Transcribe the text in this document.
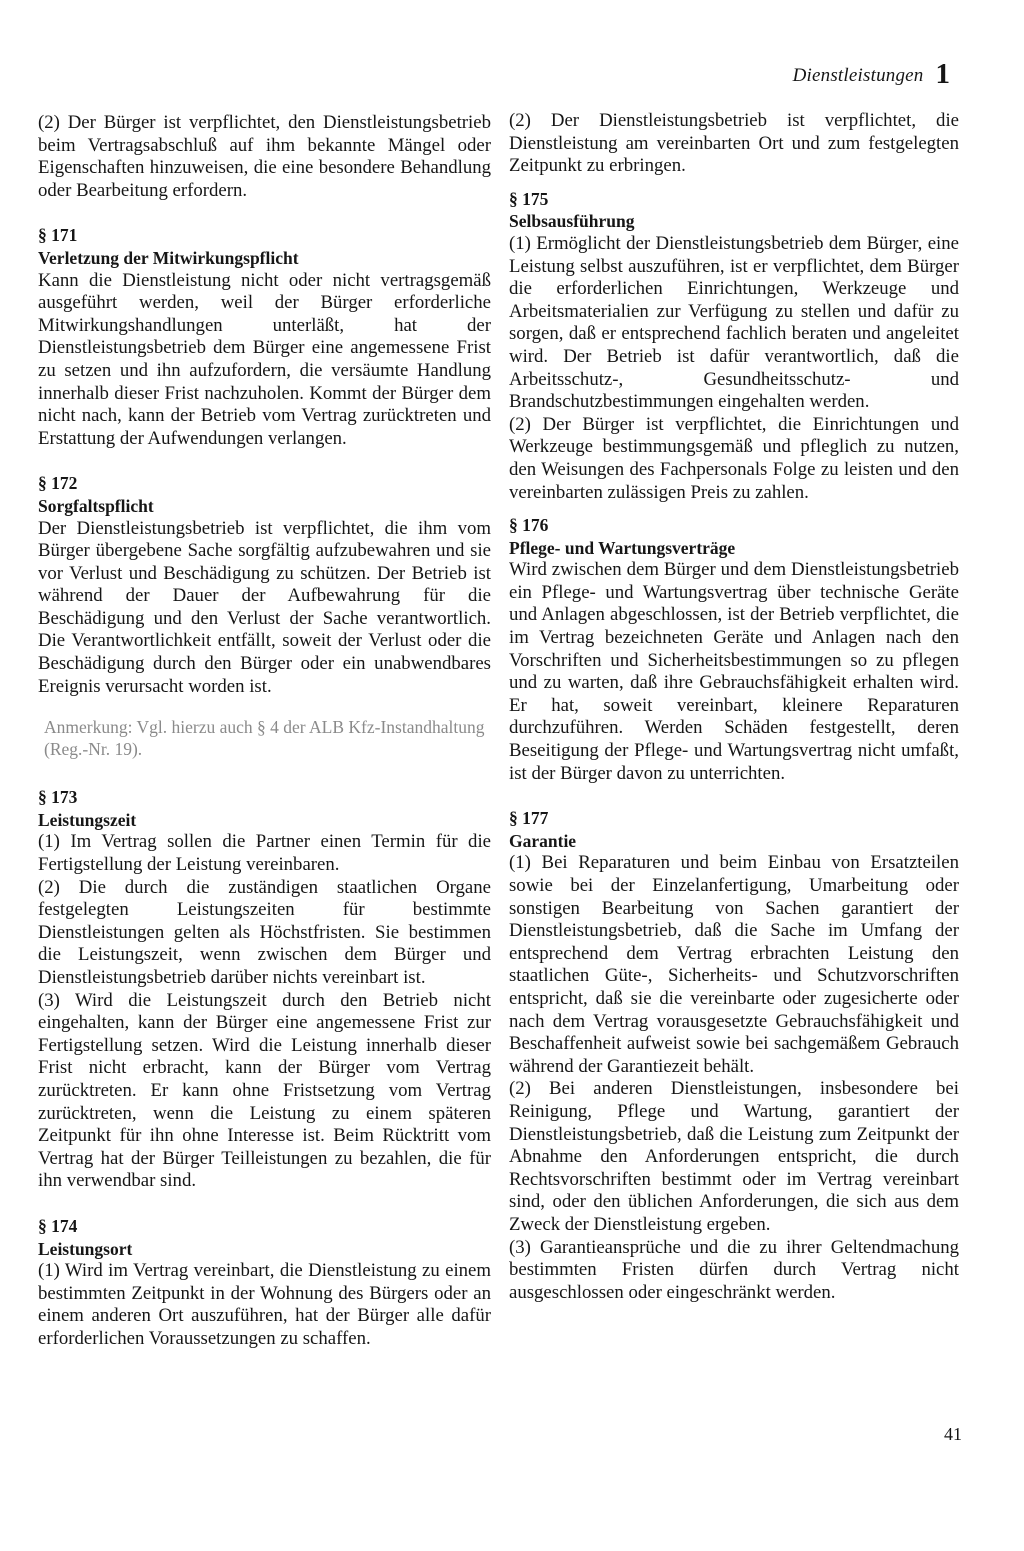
Dienstleistungen 1

(2) Der Bürger ist verpflichtet, den Dienstleistungsbetrieb beim Vertragsabschluß auf ihm bekannte Mängel oder Eigenschaften hinzuweisen, die eine besondere Behandlung oder Bearbeitung erfordern.

§ 171
Verletzung der Mitwirkungspflicht

Kann die Dienstleistung nicht oder nicht vertragsgemäß ausgeführt werden, weil der Bürger erforderliche Mitwirkungshandlungen unterläßt, hat der Dienstleistungsbetrieb dem Bürger eine angemessene Frist zu setzen und ihn aufzufordern, die versäumte Handlung innerhalb dieser Frist nachzuholen. Kommt der Bürger dem nicht nach, kann der Betrieb vom Vertrag zurücktreten und Erstattung der Aufwendungen verlangen.

§ 172
Sorgfaltspflicht

Der Dienstleistungsbetrieb ist verpflichtet, die ihm vom Bürger übergebene Sache sorgfältig aufzubewahren und sie vor Verlust und Beschädigung zu schützen. Der Betrieb ist während der Dauer der Aufbewahrung für die Beschädigung und den Verlust der Sache verantwortlich. Die Verantwortlichkeit entfällt, soweit der Verlust oder die Beschädigung durch den Bürger oder ein unabwendbares Ereignis verursacht worden ist.

Anmerkung: Vgl. hierzu auch § 4 der ALB Kfz-Instandhaltung (Reg.-Nr. 19).

§ 173
Leistungszeit

(1) Im Vertrag sollen die Partner einen Termin für die Fertigstellung der Leistung vereinbaren.

(2) Die durch die zuständigen staatlichen Organe festgelegten Leistungszeiten für bestimmte Dienstleistungen gelten als Höchstfristen. Sie bestimmen die Leistungszeit, wenn zwischen dem Bürger und Dienstleistungsbetrieb darüber nichts vereinbart ist.

(3) Wird die Leistungszeit durch den Betrieb nicht eingehalten, kann der Bürger eine angemessene Frist zur Fertigstellung setzen. Wird die Leistung innerhalb dieser Frist nicht erbracht, kann der Bürger vom Vertrag zurücktreten. Er kann ohne Fristsetzung vom Vertrag zurücktreten, wenn die Leistung zu einem späteren Zeitpunkt für ihn ohne Interesse ist. Beim Rücktritt vom Vertrag hat der Bürger Teilleistungen zu bezahlen, die für ihn verwendbar sind.

§ 174
Leistungsort

(1) Wird im Vertrag vereinbart, die Dienstleistung zu einem bestimmten Zeitpunkt in der Wohnung des Bürgers oder an einem anderen Ort auszuführen, hat der Bürger alle dafür erforderlichen Voraussetzungen zu schaffen.

(2) Der Dienstleistungsbetrieb ist verpflichtet, die Dienstleistung am vereinbarten Ort und zum festgelegten Zeitpunkt zu erbringen.

§ 175
Selbsausführung

(1) Ermöglicht der Dienstleistungsbetrieb dem Bürger, eine Leistung selbst auszuführen, ist er verpflichtet, dem Bürger die erforderlichen Einrichtungen, Werkzeuge und Arbeitsmaterialien zur Verfügung zu stellen und dafür zu sorgen, daß er entsprechend fachlich beraten und angeleitet wird. Der Betrieb ist dafür verantwortlich, daß die Arbeitsschutz-, Gesundheitsschutz- und Brandschutzbestimmungen eingehalten werden.

(2) Der Bürger ist verpflichtet, die Einrichtungen und Werkzeuge bestimmungsgemäß und pfleglich zu nutzen, den Weisungen des Fachpersonals Folge zu leisten und den vereinbarten zulässigen Preis zu zahlen.

§ 176
Pflege- und Wartungsverträge

Wird zwischen dem Bürger und dem Dienstleistungsbetrieb ein Pflege- und Wartungsvertrag über technische Geräte und Anlagen abgeschlossen, ist der Betrieb verpflichtet, die im Vertrag bezeichneten Geräte und Anlagen nach den Vorschriften und Sicherheitsbestimmungen so zu pflegen und zu warten, daß ihre Gebrauchsfähigkeit erhalten wird. Er hat, soweit vereinbart, kleinere Reparaturen durchzuführen. Werden Schäden festgestellt, deren Beseitigung der Pflege- und Wartungsvertrag nicht umfaßt, ist der Bürger davon zu unterrichten.

§ 177
Garantie

(1) Bei Reparaturen und beim Einbau von Ersatzteilen sowie bei der Einzelanfertigung, Umarbeitung oder sonstigen Bearbeitung von Sachen garantiert der Dienstleistungsbetrieb, daß die Sache im Umfang der entsprechend dem Vertrag erbrachten Leistung den staatlichen Güte-, Sicherheits- und Schutzvorschriften entspricht, daß sie die vereinbarte oder zugesicherte oder nach dem Vertrag vorausgesetzte Gebrauchsfähigkeit und Beschaffenheit aufweist sowie bei sachgemäßem Gebrauch während der Garantiezeit behält.

(2) Bei anderen Dienstleistungen, insbesondere bei Reinigung, Pflege und Wartung, garantiert der Dienstleistungsbetrieb, daß die Leistung zum Zeitpunkt der Abnahme den Anforderungen entspricht, die durch Rechtsvorschriften bestimmt oder im Vertrag vereinbart sind, oder den üblichen Anforderungen, die sich aus dem Zweck der Dienstleistung ergeben.

(3) Garantieansprüche und die zu ihrer Geltendmachung bestimmten Fristen dürfen durch Vertrag nicht ausgeschlossen oder eingeschränkt werden.

41
